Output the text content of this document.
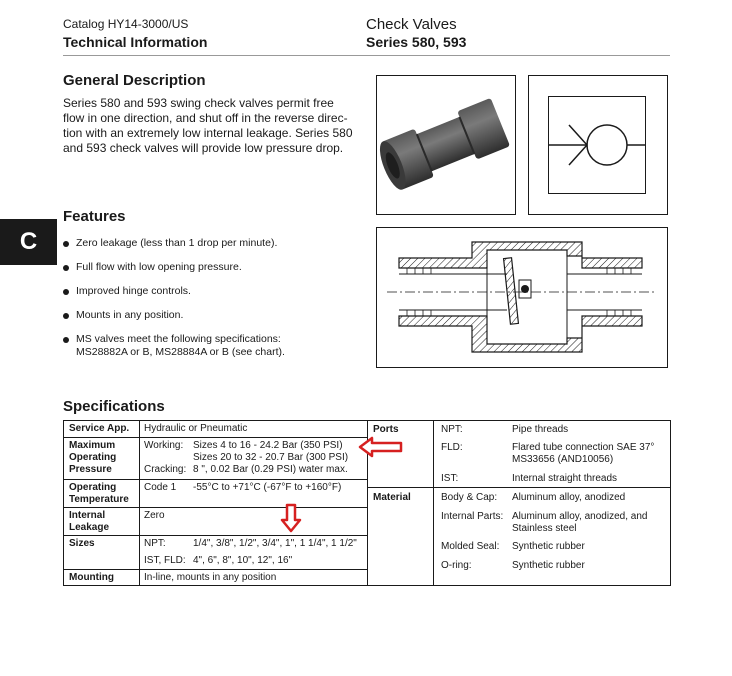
Catalog HY14-3000/US
Technical Information
Check Valves
Series 580, 593
C
General Description
Series 580 and 593 swing check valves permit free
flow in one direction, and shut off in the reverse direc-
tion with an extremely low internal leakage. Series 580
and 593 check valves will provide low pressure drop.
Features
Zero leakage (less than 1 drop per minute).
Full flow with low opening pressure.
Improved hinge controls.
Mounts in any position.
MS valves meet the following specifications:
MS28882A or B, MS28884A or B (see chart).
Specifications
Service App. Hydraulic or Pneumatic
Maximum
Operating
Pressure
Working: Sizes 4 to 16 - 24.2 Bar (350 PSI)
Sizes 20 to 32 - 20.7 Bar (300 PSI)
Cracking: 8 ", 0.02 Bar (0.29 PSI) water max.
Operating
Temperature
Code 1 -55°C to +71°C (-67°F to +160°F)
Internal
Leakage
Zero
Sizes	NPT:	1/4", 3/8", 1/2", 3/4", 1", 1 1/4", 1 1/2"
IST, FLD: 4", 6", 8", 10", 12", 16"
Mounting	In-line, mounts in any position
Ports	NPT:	Pipe threads
FLD:	Flared tube connection SAE 37°
MS33656 (AND10056)
IST:	Internal straight threads
Material	Body & Cap: Aluminum alloy, anodized
Internal Parts: Aluminum alloy, anodized, and
Stainless steel
Molded Seal: Synthetic rubber
O-ring:	Synthetic rubber
